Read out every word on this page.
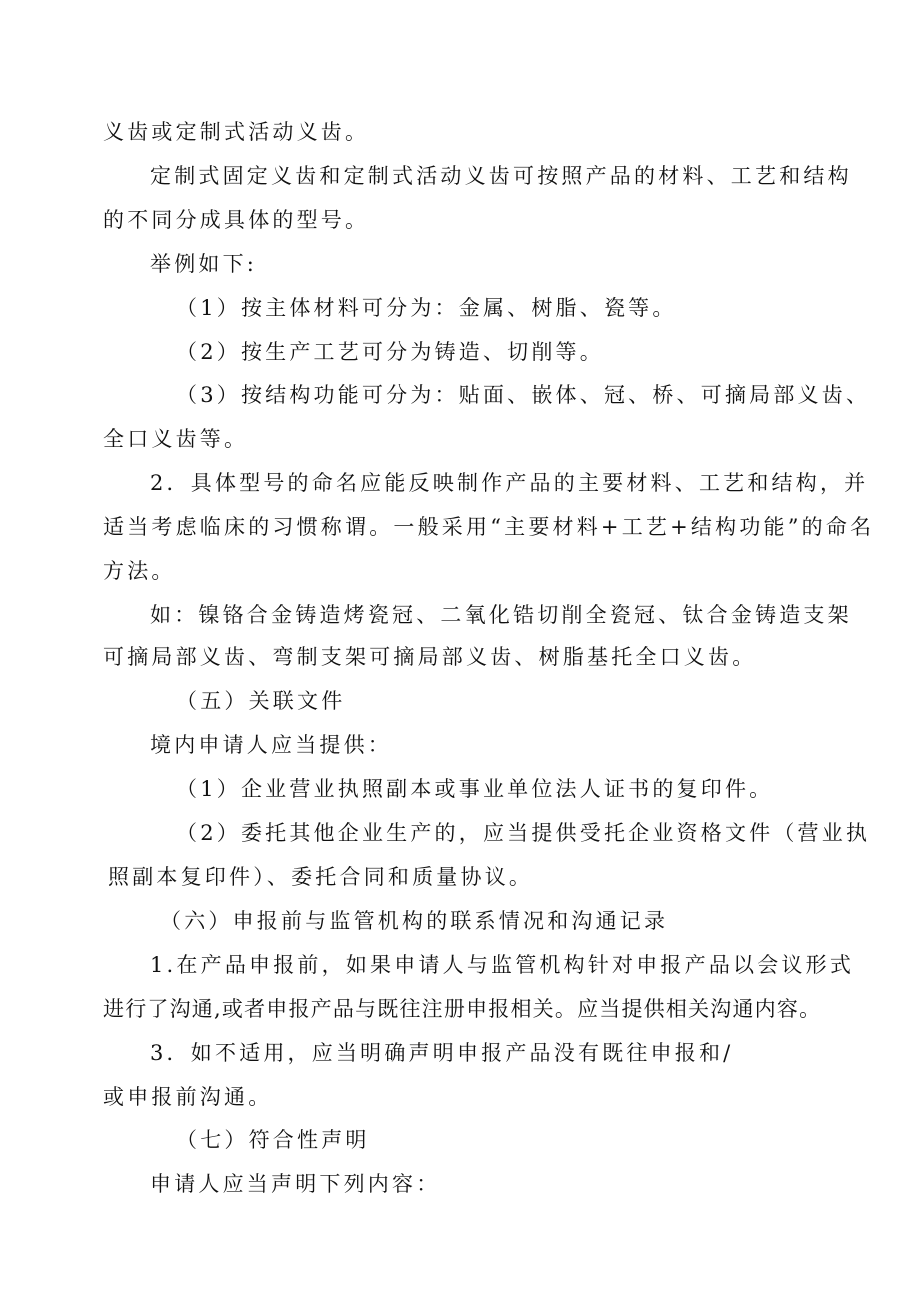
义齿或定制式活动义齿。
定制式固定义齿和定制式活动义齿可按照产品的材料、工艺和结构
的不同分成具体的型号。
举例如下:
（1）按主体材料可分为：金属、树脂、瓷等。
（2）按生产工艺可分为铸造、切削等。
（3）按结构功能可分为：贴面、嵌体、冠、桥、可摘局部义齿、
全口义齿等。
2．具体型号的命名应能反映制作产品的主要材料、工艺和结构，并
适当考虑临床的习惯称谓。一般采用“主要材料+工艺+结构功能”的命名
方法。
如：镍铬合金铸造烤瓷冠、二氧化锆切削全瓷冠、钛合金铸造支架
可摘局部义齿、弯制支架可摘局部义齿、树脂基托全口义齿。
（五）关联文件
境内申请人应当提供：
（1）企业营业执照副本或事业单位法人证书的复印件。
（2）委托其他企业生产的，应当提供受托企业资格文件（营业执
照副本复印件）、委托合同和质量协议。
（六）申报前与监管机构的联系情况和沟通记录
1.在产品申报前，如果申请人与监管机构针对申报产品以会议形式
进行了沟通,或者申报产品与既往注册申报相关。应当提供相关沟通内容。
3．如不适用，应当明确声明申报产品没有既往申报和/
或申报前沟通。
（七）符合性声明
申请人应当声明下列内容：
